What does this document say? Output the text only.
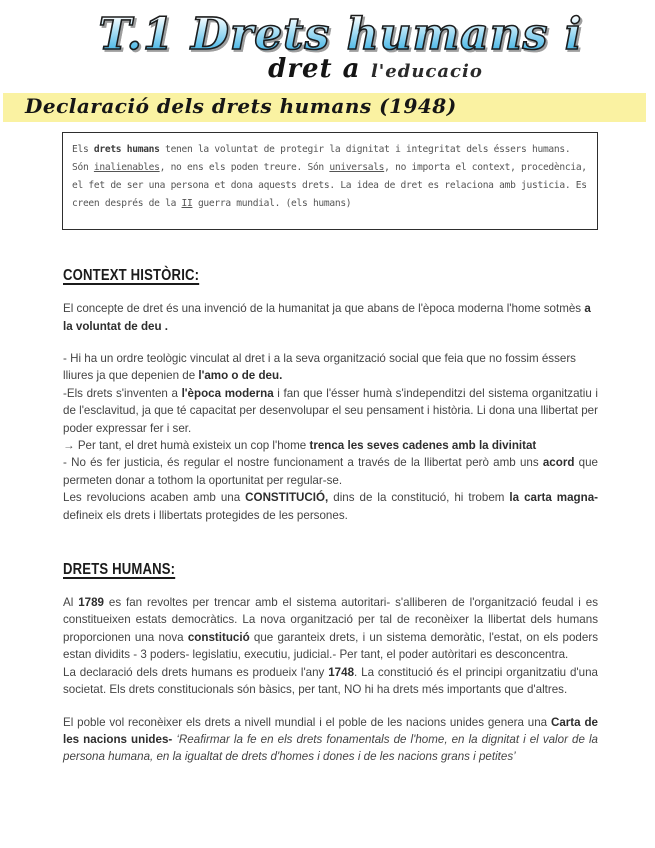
T.1 Drets humans i
dret a l'educacio
Declaració dels drets humans (1948)

Els drets humans tenen la voluntat de protegir la dignitat i integritat dels éssers humans. Són inalienables, no ens els poden treure. Són universals, no importa el context, procedència, el fet de ser una persona et dona aquests drets. La idea de dret es relaciona amb justicia. Es creen després de la II guerra mundial. (els humans)

CONTEXT HISTÒRIC:

El concepte de dret és una invenció de la humanitat ja que abans de l'època moderna l'home sotmès a la voluntat de deu .

- Hi ha un ordre teològic vinculat al dret i a la seva organització social que feia que no fossim éssers lliures ja que depenien de l'amo o de deu.

-Els drets s'inventen a l'època moderna i fan que l'ésser humà s'independitzi del sistema organitzatiu i de l'esclavitud, ja que té capacitat per desenvolupar el seu pensament i història. Li dona una llibertat per poder expressar fer i ser.

→ Per tant, el dret humà existeix un cop l'home trenca les seves cadenes amb la divinitat

- No és fer justicia, és regular el nostre funcionament a través de la llibertat però amb uns acord que permeten donar a tothom la oportunitat per regular-se.

Les revolucions acaben amb una CONSTITUCIÓ, dins de la constitució, hi trobem la carta magna- defineix els drets i llibertats protegides de les persones.

DRETS HUMANS:

Al 1789 es fan revoltes per trencar amb el sistema autoritari- s'alliberen de l'organització feudal i es constitueixen estats democràtics. La nova organització per tal de reconèixer la llibertat dels humans proporcionen una nova constitució que garanteix drets, i un sistema demoràtic, l'estat, on els poders estan dividits - 3 poders- legislatiu, executiu, judicial.- Per tant, el poder autòritari es desconcentra.

La declaració dels drets humans es produeix l'any 1748. La constitució és el principi organitzatiu d'una societat. Els drets constitucionals són bàsics, per tant, NO hi ha drets més importants que d'altres.

El poble vol reconèixer els drets a nivell mundial i el poble de les nacions unides genera una Carta de les nacions unides- ‘Reafirmar la fe en els drets fonamentals de l'home, en la dignitat i el valor de la persona humana, en la igualtat de drets d'homes i dones i de les nacions grans i petites’
